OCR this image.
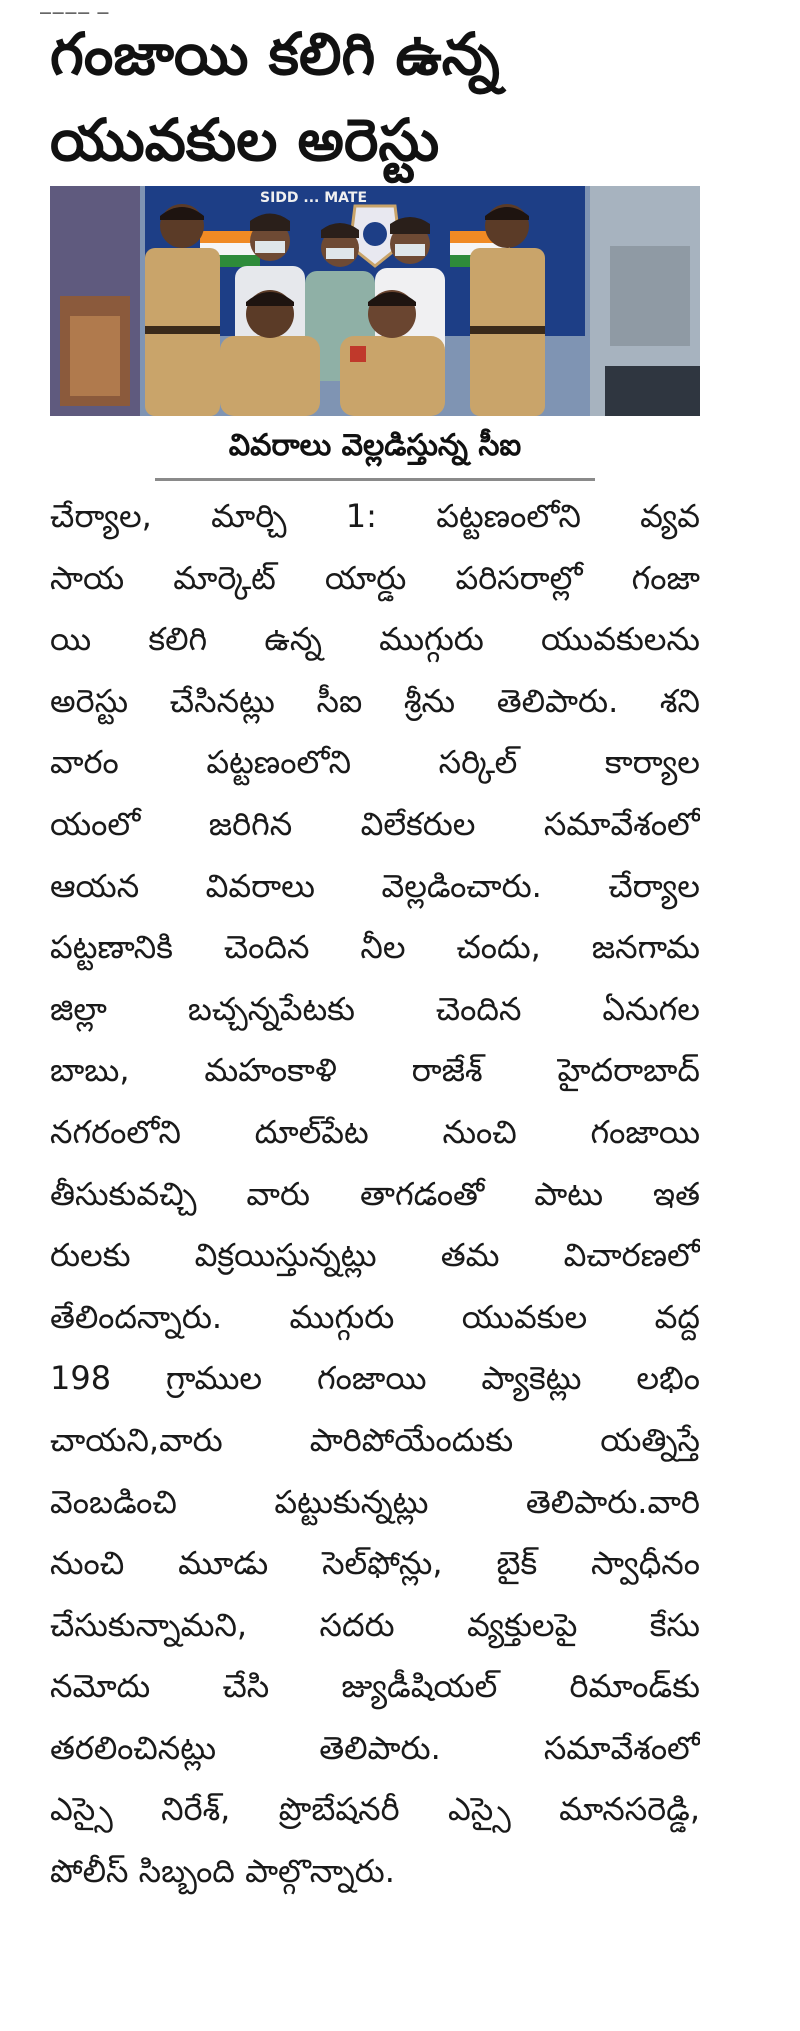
▁▁▁▁ ▁
గంజాయి కలిగి ఉన్న
యువకుల అరెస్టు
SIDD ... MATE
వివరాలు వెల్లడిస్తున్న సీఐ
చేర్యాల, మార్చి 1: పట్టణంలోని వ్యవ
సాయ మార్కెట్ యార్డు పరిసరాల్లో గంజా
యి కలిగి ఉన్న ముగ్గురు యువకులను
అరెస్టు చేసినట్లు సీఐ శ్రీను తెలిపారు. శని
వారం పట్టణంలోని సర్కిల్ కార్యాల
యంలో జరిగిన విలేకరుల సమావేశంలో
ఆయన వివరాలు వెల్లడించారు. చేర్యాల
పట్టణానికి చెందిన నీల చందు, జనగామ
జిల్లా బచ్చన్నపేటకు చెందిన ఏనుగల
బాబు, మహంకాళి రాజేశ్ హైదరాబాద్
నగరంలోని దూల్‌పేట నుంచి గంజాయి
తీసుకువచ్చి వారు తాగడంతో పాటు ఇత
రులకు విక్రయిస్తున్నట్లు తమ విచారణలో
తేలిందన్నారు. ముగ్గురు యువకుల వద్ద
198 గ్రాముల గంజాయి ప్యాకెట్లు లభిం
చాయని,వారు పారిపోయేందుకు యత్నిస్తే
వెంబడించి పట్టుకున్నట్లు తెలిపారు.వారి
నుంచి మూడు సెల్‌ఫోన్లు, బైక్ స్వాధీనం
చేసుకున్నామని, సదరు వ్యక్తులపై కేసు
నమోదు చేసి జ్యుడీషియల్ రిమాండ్‌కు
తరలించినట్లు తెలిపారు. సమావేశంలో
ఎస్సై నిరేశ్, ప్రొబేషనరీ ఎస్సై మానసరెడ్డి,
పోలీస్ సిబ్బంది పాల్గొన్నారు.
